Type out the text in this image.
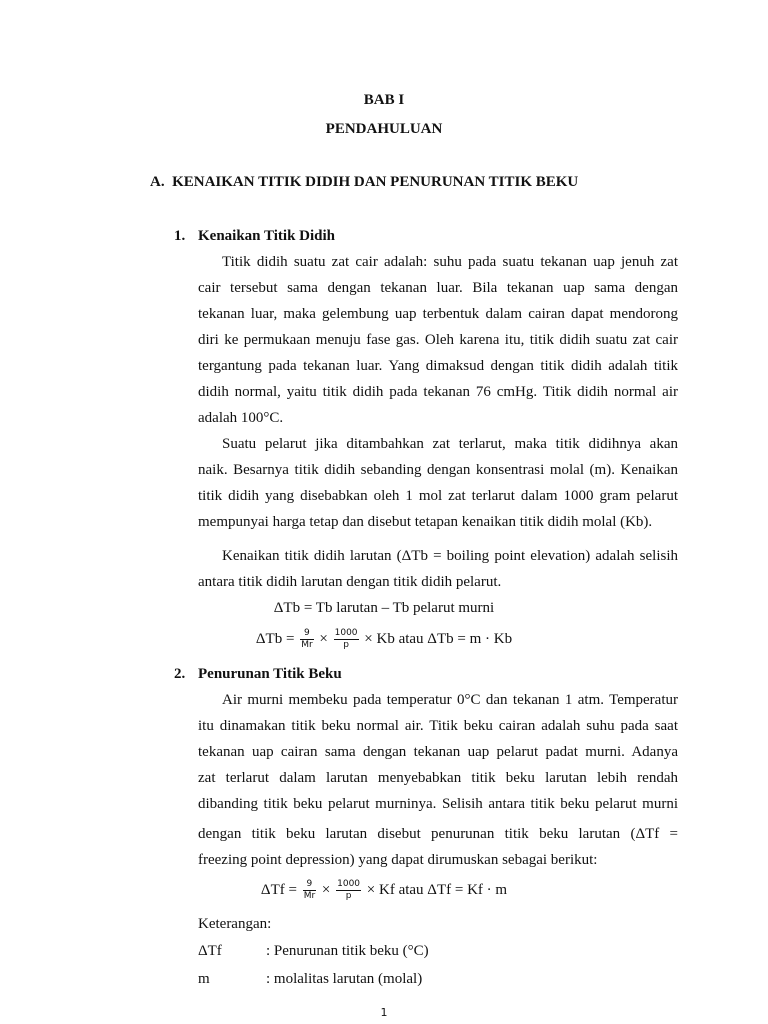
BAB I
PENDAHULUAN
A.  KENAIKAN TITIK DIDIH DAN PENURUNAN TITIK BEKU
1. Kenaikan Titik Didih
Titik didih suatu zat cair adalah: suhu pada suatu tekanan uap jenuh zat
cair tersebut sama dengan tekanan luar. Bila tekanan uap sama dengan
tekanan luar, maka gelembung uap terbentuk dalam cairan dapat mendorong
diri ke permukaan menuju fase gas. Oleh karena itu, titik didih suatu zat cair
tergantung pada tekanan luar. Yang dimaksud dengan titik didih adalah titik
didih normal, yaitu titik didih pada tekanan 76 cmHg. Titik didih normal air
adalah 100°C.
Suatu pelarut jika ditambahkan zat terlarut, maka titik didihnya akan
naik. Besarnya titik didih sebanding dengan konsentrasi molal (m). Kenaikan
titik didih yang disebabkan oleh 1 mol zat terlarut dalam 1000 gram pelarut
mempunyai harga tetap dan disebut tetapan kenaikan titik didih molal (Kb).
Kenaikan titik didih larutan (ΔTb = boiling point elevation) adalah selisih
antara titik didih larutan dengan titik didih pelarut.
ΔTb = Tb larutan – Tb pelarut murni
$\Delta Tb = \frac{9}{Mr} \times \frac{1000}{p} \times Kb$ atau ΔTb = m · Kb
2. Penurunan Titik Beku
Air murni membeku pada temperatur 0°C dan tekanan 1 atm. Temperatur
itu dinamakan titik beku normal air. Titik beku cairan adalah suhu pada saat
tekanan uap cairan sama dengan tekanan uap pelarut padat murni. Adanya
zat terlarut dalam larutan menyebabkan titik beku larutan lebih rendah
dibanding titik beku pelarut murninya. Selisih antara titik beku pelarut murni
dengan titik beku larutan disebut penurunan titik beku larutan (ΔTf =
freezing point depression) yang dapat dirumuskan sebagai berikut:
$\Delta Tf = \frac{9}{Mr} \times \frac{1000}{p} \times Kf$ atau ΔTf = Kf · m
Keterangan:
ΔTf	: Penurunan titik beku (°C)
m	: molalitas larutan (molal)
1
